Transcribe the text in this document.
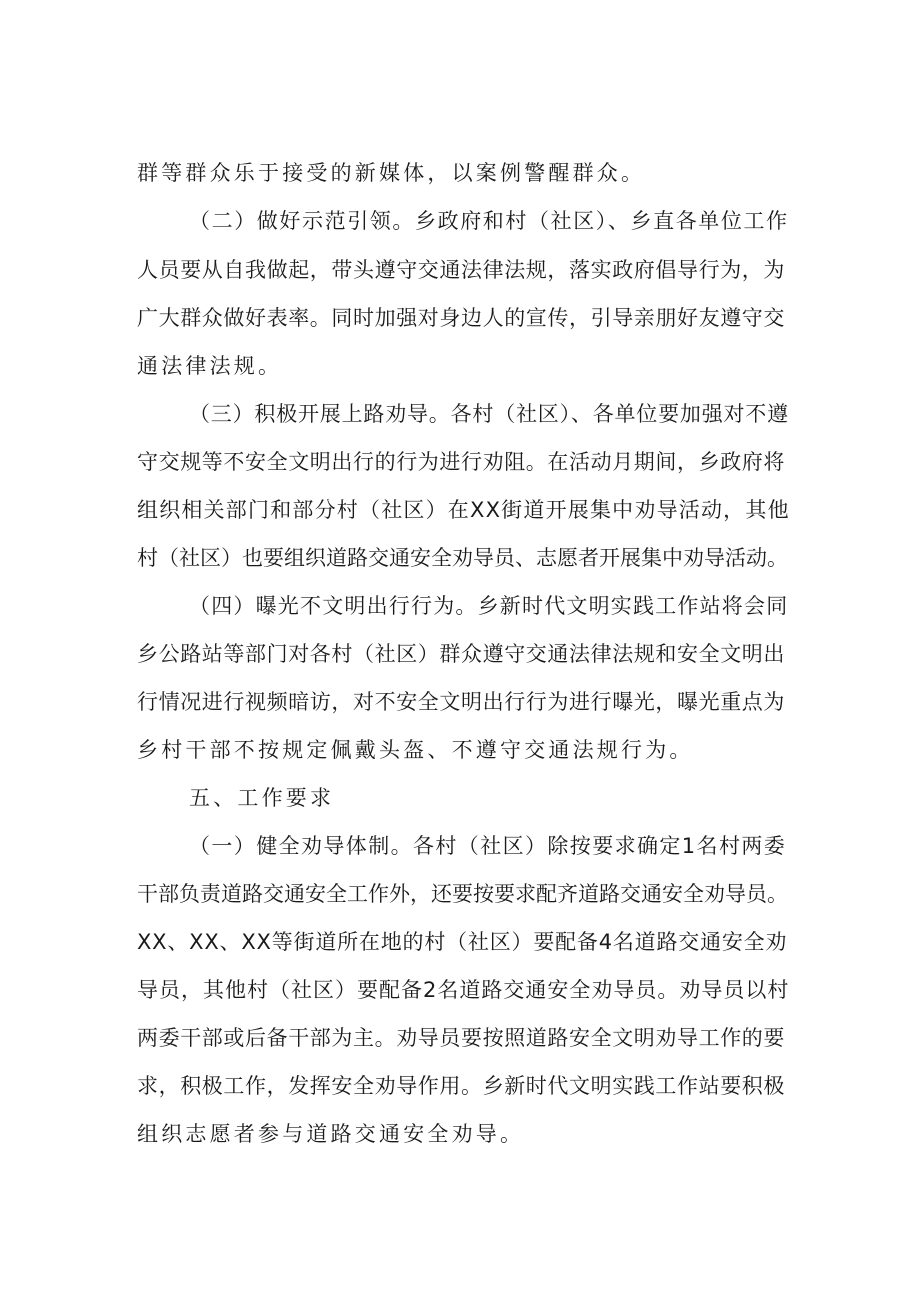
群等群众乐于接受的新媒体，以案例警醒群众。
（二）做好示范引领。乡政府和村（社区）、乡直各单位工作
人员要从自我做起，带头遵守交通法律法规，落实政府倡导行为，为
广大群众做好表率。同时加强对身边人的宣传，引导亲朋好友遵守交
通法律法规。
（三）积极开展上路劝导。各村（社区）、各单位要加强对不遵
守交规等不安全文明出行的行为进行劝阻。在活动月期间，乡政府将
组织相关部门和部分村（社区）在XX街道开展集中劝导活动，其他
村（社区）也要组织道路交通安全劝导员、志愿者开展集中劝导活动。
（四）曝光不文明出行行为。乡新时代文明实践工作站将会同
乡公路站等部门对各村（社区）群众遵守交通法律法规和安全文明出
行情况进行视频暗访，对不安全文明出行行为进行曝光，曝光重点为
乡村干部不按规定佩戴头盔、不遵守交通法规行为。
五、工作要求
（一）健全劝导体制。各村（社区）除按要求确定1名村两委
干部负责道路交通安全工作外，还要按要求配齐道路交通安全劝导员。
XX、XX、XX等街道所在地的村（社区）要配备4名道路交通安全劝
导员，其他村（社区）要配备2名道路交通安全劝导员。劝导员以村
两委干部或后备干部为主。劝导员要按照道路安全文明劝导工作的要
求，积极工作，发挥安全劝导作用。乡新时代文明实践工作站要积极
组织志愿者参与道路交通安全劝导。
